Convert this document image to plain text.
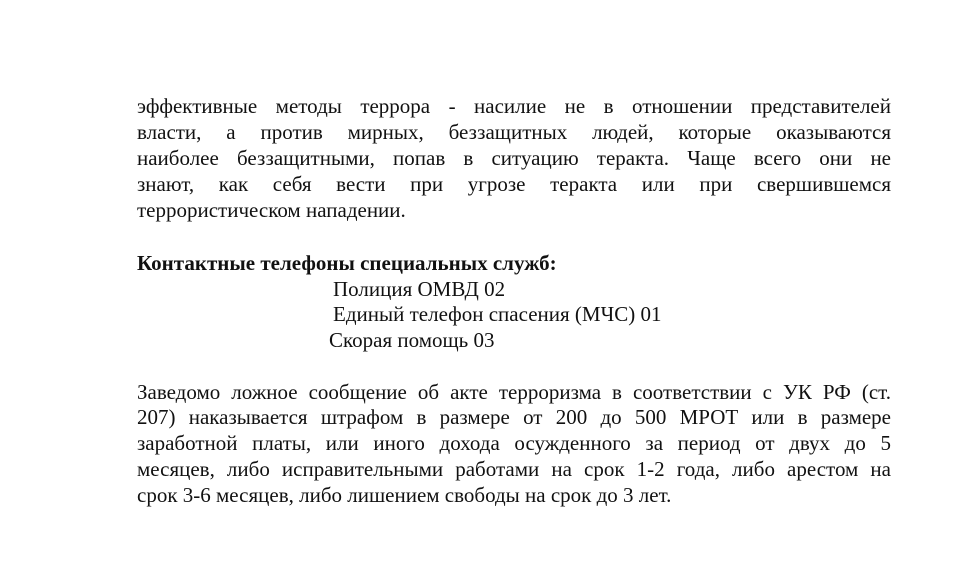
эффективные методы террора - насилие не в отношении представителей
власти, а против мирных, беззащитных людей, которые оказываются
наиболее беззащитными, попав в ситуацию теракта. Чаще всего они не
знают, как себя вести при угрозе теракта или при свершившемся
террористическом нападении.
Контактные телефоны специальных служб:
Полиция ОМВД 02
Единый телефон спасения (МЧС) 01
Скорая помощь 03
Заведомо ложное сообщение об акте терроризма в соответствии с УК РФ (ст.
207) наказывается штрафом в размере от 200 до 500 МРОТ или в размере
заработной платы, или иного дохода осужденного за период от двух до 5
месяцев, либо исправительными работами на срок 1-2 года, либо арестом на
срок 3-6 месяцев, либо лишением свободы на срок до 3 лет.
